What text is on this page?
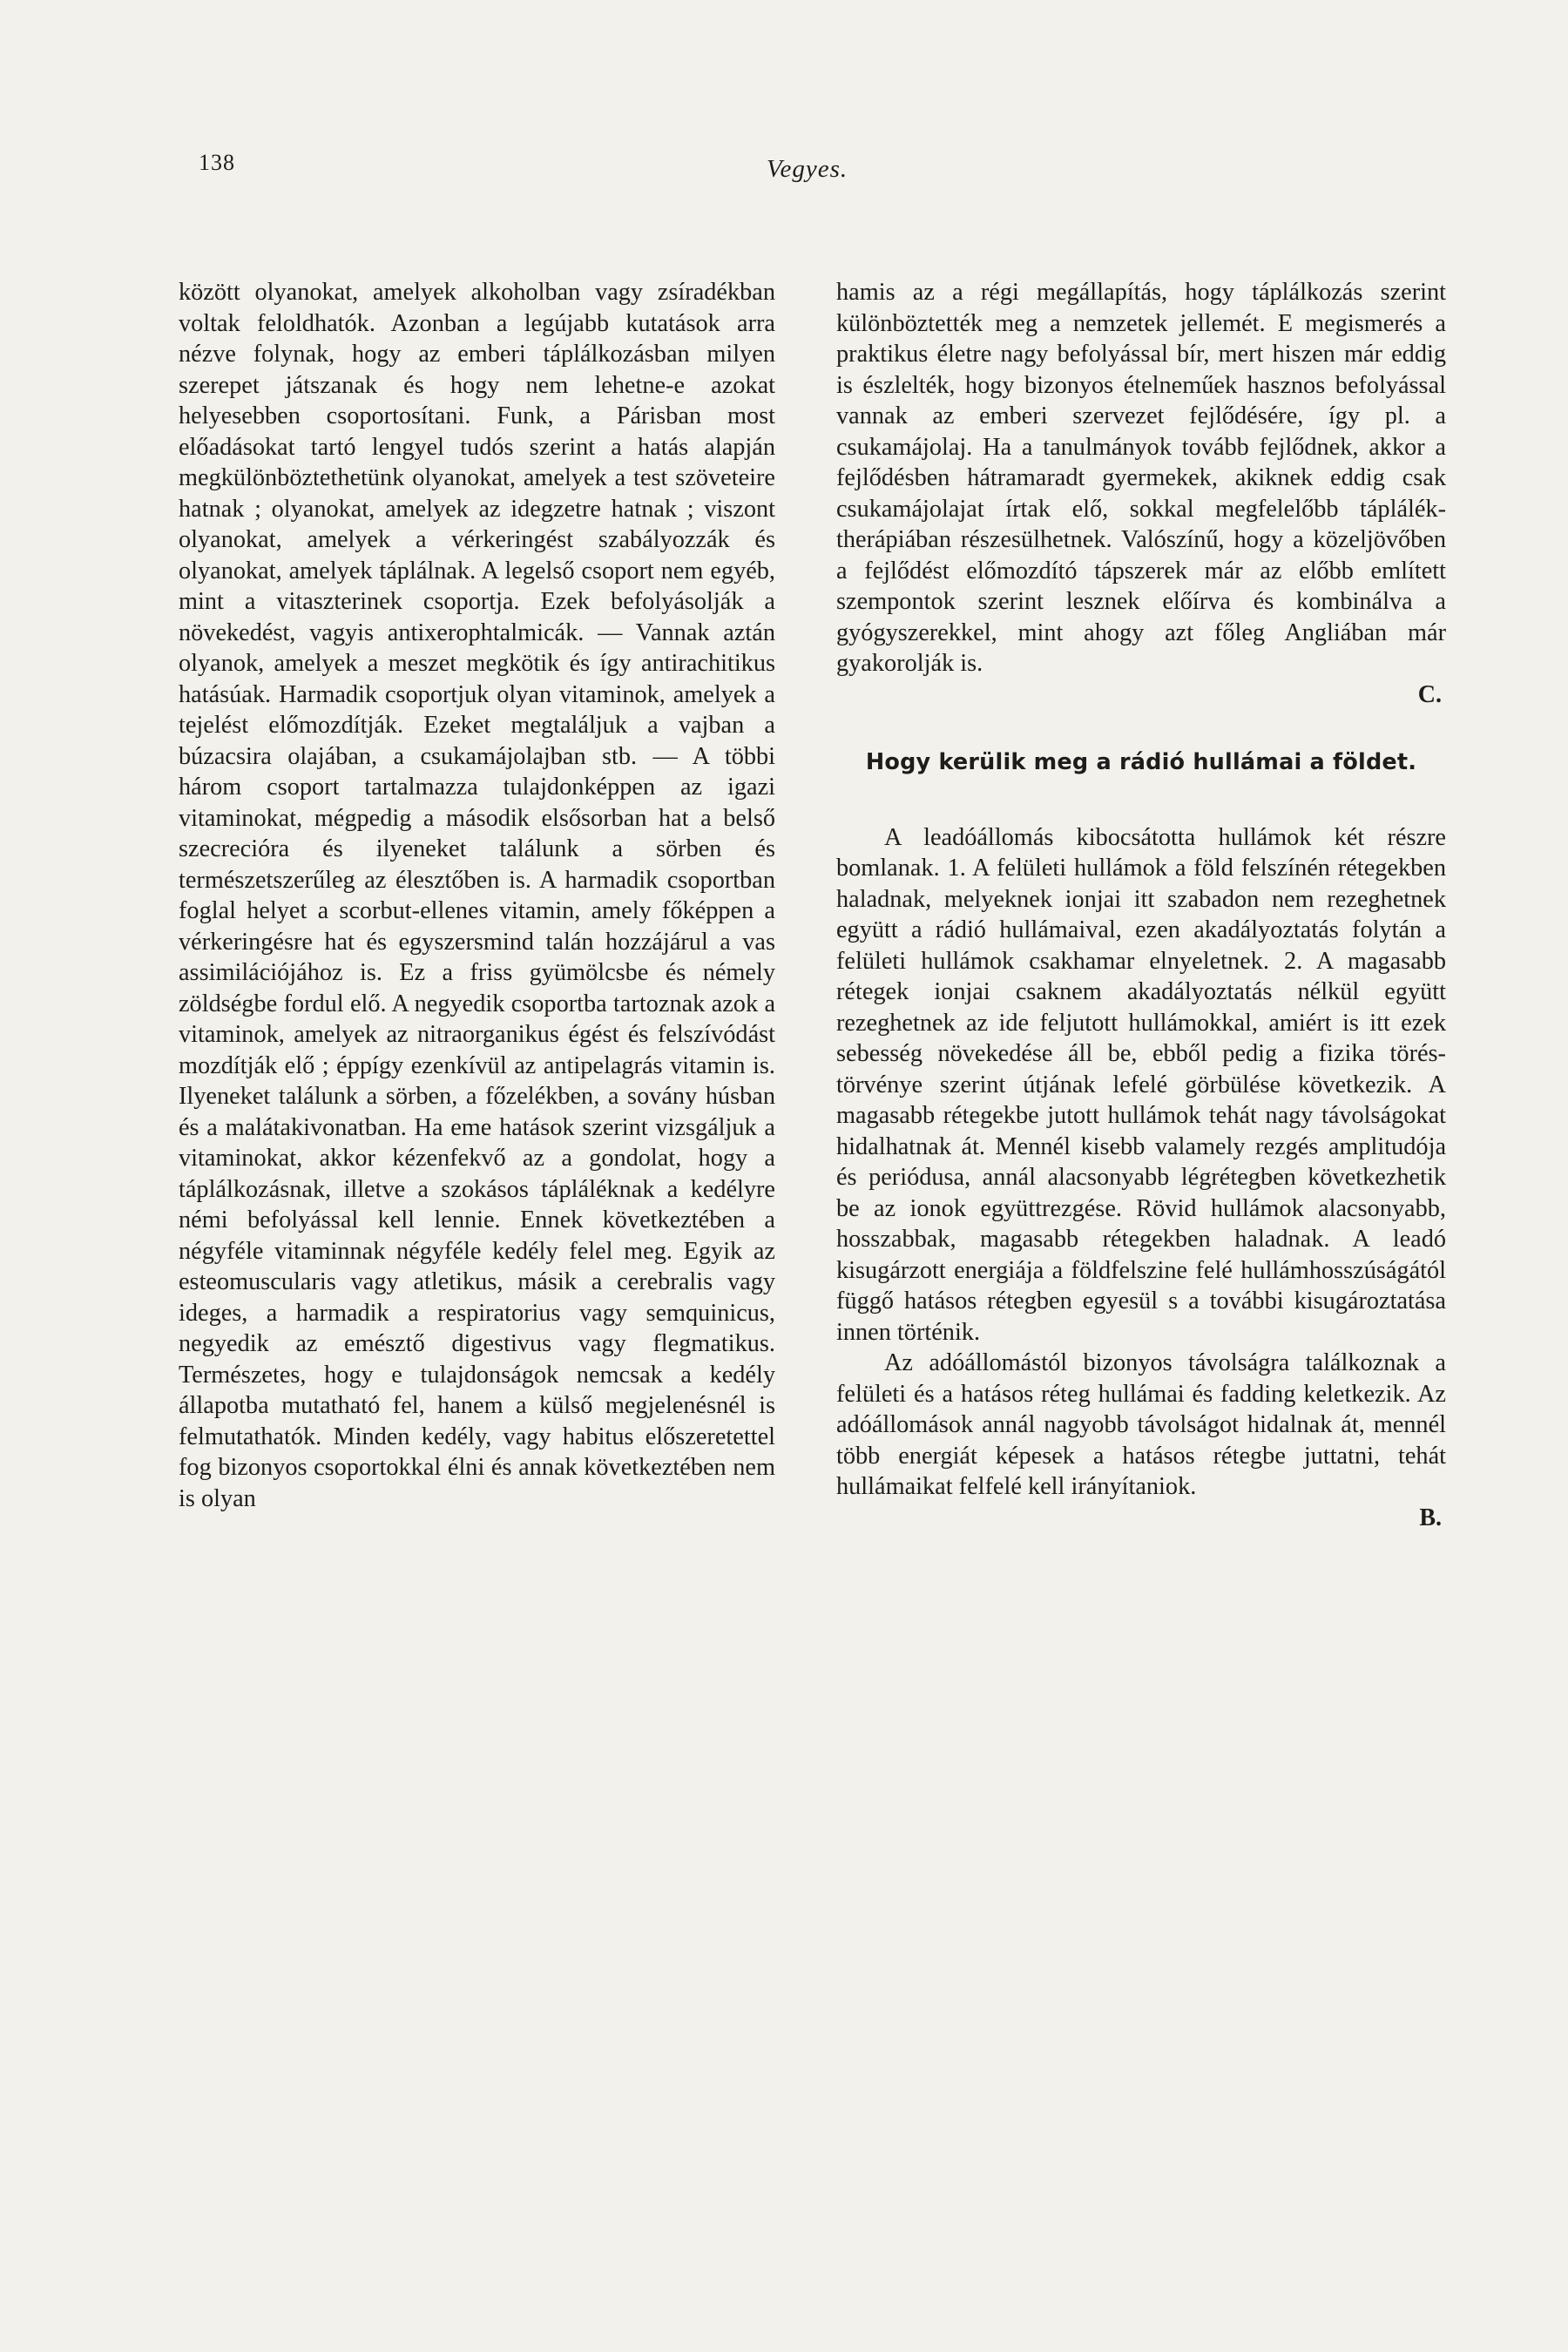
138	Vegyes.

között olyanokat, amelyek alkoholban vagy zsíradékban voltak feloldhatók. Azonban a legújabb kutatások arra nézve folynak, hogy az emberi táplálkozásban milyen szerepet játszanak és hogy nem lehetne-e azokat helyesebben csoportosítani. Funk, a Párisban most előadásokat tartó lengyel tudós szerint a hatás alapján megkülönböztethetünk olyanokat, amelyek a test szöveteire hatnak ; olyanokat, amelyek az idegzetre hatnak ; viszont olyanokat, amelyek a vérkeringést szabályozzák és olyanokat, amelyek táplálnak. A legelső csoport nem egyéb, mint a vitaszterinek csoportja. Ezek befolyásolják a növekedést, vagyis antixerophtalmicák. — Vannak aztán olyanok, amelyek a meszet megkötik és így antirachitikus hatásúak. Harmadik csoportjuk olyan vitaminok, amelyek a tejelést előmozdítják. Ezeket megtaláljuk a vajban a búzacsira olajában, a csukamájolajban stb. — A többi három csoport tartalmazza tulajdonképpen az igazi vitaminokat, mégpedig a második elsősorban hat a belső szecrecióra és ilyeneket találunk a sörben és természetszerűleg az élesztőben is. A harmadik csoportban foglal helyet a scorbut-ellenes vitamin, amely főképpen a vérkeringésre hat és egyszersmind talán hozzájárul a vas assimilációjához is. Ez a friss gyümölcsbe és némely zöldségbe fordul elő. A negyedik csoportba tartoznak azok a vitaminok, amelyek az nitraorganikus égést és felszívódást mozdítják elő ; éppígy ezenkívül az antipelagrás vitamin is. Ilyeneket találunk a sörben, a főzelékben, a sovány húsban és a malátakivonatban. Ha eme hatások szerint vizsgáljuk a vitaminokat, akkor kézenfekvő az a gondolat, hogy a táplálkozásnak, illetve a szokásos tápláléknak a kedélyre némi befolyással kell lennie. Ennek következtében a négyféle vitaminnak négyféle kedély felel meg. Egyik az esteomuscularis vagy atletikus, másik a cerebralis vagy ideges, a harmadik a respiratorius vagy semquinicus, negyedik az emésztő digestivus vagy flegmatikus. Természetes, hogy e tulajdonságok nemcsak a kedély állapotba mutatható fel, hanem a külső megjelenésnél is felmutathatók. Minden kedély, vagy habitus előszeretettel fog bizonyos csoportokkal élni és annak következtében nem is olyan

hamis az a régi megállapítás, hogy táplálkozás szerint különböztették meg a nemzetek jellemét. E megismerés a praktikus életre nagy befolyással bír, mert hiszen már eddig is észlelték, hogy bizonyos ételneműek hasznos befolyással vannak az emberi szervezet fejlődésére, így pl. a csukamájolaj. Ha a tanulmányok tovább fejlődnek, akkor a fejlődésben hátramaradt gyermekek, akiknek eddig csak csukamájolajat írtak elő, sokkal megfelelőbb táplálék-therápiában részesülhetnek. Valószínű, hogy a közeljövőben a fejlődést előmozdító tápszerek már az előbb említett szempontok szerint lesznek előírva és kombinálva a gyógyszerekkel, mint ahogy azt főleg Angliában már gyakorolják is.

C.

Hogy kerülik meg a rádió hullámai a földet.

A leadóállomás kibocsátotta hullámok két részre bomlanak. 1. A felületi hullámok a föld felszínén rétegekben haladnak, melyeknek ionjai itt szabadon nem rezeghetnek együtt a rádió hullámaival, ezen akadályoztatás folytán a felületi hullámok csakhamar elnyeletnek. 2. A magasabb rétegek ionjai csaknem akadályoztatás nélkül együtt rezeghetnek az ide feljutott hullámokkal, amiért is itt ezek sebesség növekedése áll be, ebből pedig a fizika törés-törvénye szerint útjának lefelé görbülése következik. A magasabb rétegekbe jutott hullámok tehát nagy távolságokat hidalhatnak át. Mennél kisebb valamely rezgés amplitudója és periódusa, annál alacsonyabb légrétegben következhetik be az ionok együttrezgése. Rövid hullámok alacsonyabb, hosszabbak, magasabb rétegekben haladnak. A leadó kisugárzott energiája a földfelszine felé hullámhosszúságától függő hatásos rétegben egyesül s a további kisugároztatása innen történik.

Az adóállomástól bizonyos távolságra találkoznak a felületi és a hatásos réteg hullámai és fadding keletkezik. Az adóállomások annál nagyobb távolságot hidalnak át, mennél több energiát képesek a hatásos rétegbe juttatni, tehát hullámaikat felfelé kell irányítaniok.

B.
